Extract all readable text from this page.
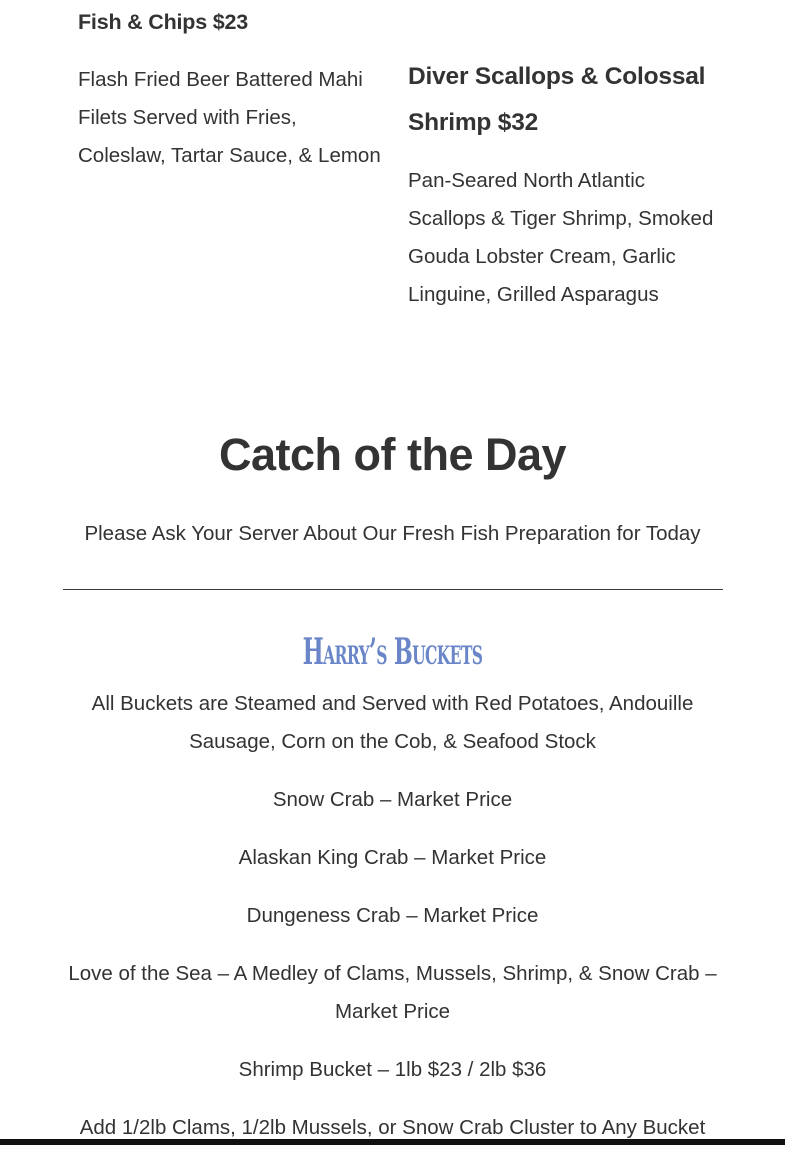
Fish & Chips $23

Flash Fried Beer Battered Mahi Filets Served with Fries, Coleslaw, Tartar Sauce, & Lemon

Diver Scallops & Colossal Shrimp $32

Pan-Seared North Atlantic Scallops & Tiger Shrimp, Smoked Gouda Lobster Cream, Garlic Linguine, Grilled Asparagus

Catch of the Day

Please Ask Your Server About Our Fresh Fish Preparation for Today

Harry’s Buckets

All Buckets are Steamed and Served with Red Potatoes, Andouille Sausage, Corn on the Cob, & Seafood Stock

Snow Crab – Market Price

Alaskan King Crab – Market Price

Dungeness Crab – Market Price

Love of the Sea – A Medley of Clams, Mussels, Shrimp, & Snow Crab – Market Price

Shrimp Bucket – 1lb $23 / 2lb $36

Add 1/2lb Clams, 1/2lb Mussels, or Snow Crab Cluster to Any Bucket
